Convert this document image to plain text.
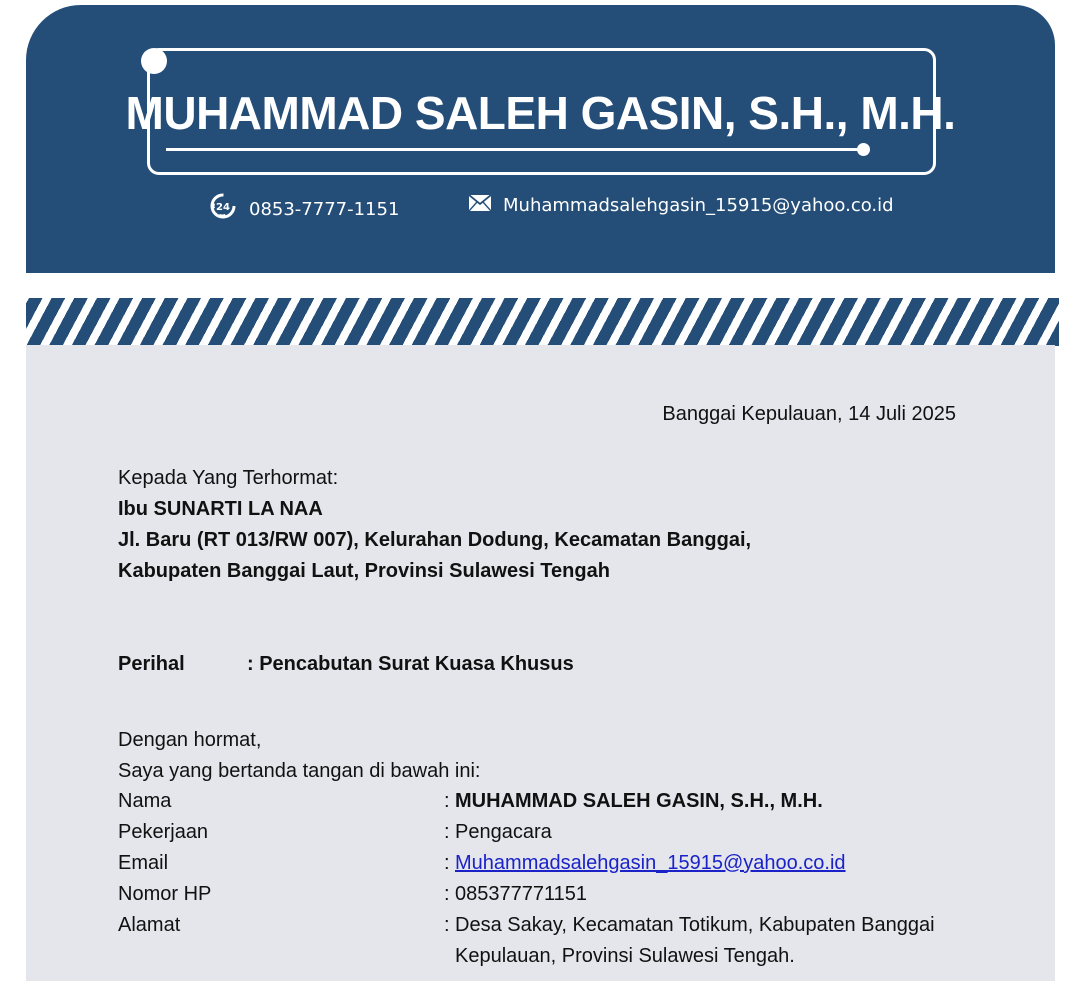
MUHAMMAD SALEH GASIN, S.H., M.H.
24 0853-7777-1151	Muhammadsalehgasin_15915@yahoo.co.id
Banggai Kepulauan, 14 Juli 2025
Kepada Yang Terhormat:
Ibu SUNARTI LA NAA
Jl. Baru (RT 013/RW 007), Kelurahan Dodung, Kecamatan Banggai,
Kabupaten Banggai Laut, Provinsi Sulawesi Tengah
Perihal	: Pencabutan Surat Kuasa Khusus
Dengan hormat,
Saya yang bertanda tangan di bawah ini:
Nama	: MUHAMMAD SALEH GASIN, S.H., M.H.
Pekerjaan	: Pengacara
Email	: Muhammadsalehgasin_15915@yahoo.co.id
Nomor HP	: 085377771151
Alamat	: Desa Sakay, Kecamatan Totikum, Kabupaten Banggai
Kepulauan, Provinsi Sulawesi Tengah.
